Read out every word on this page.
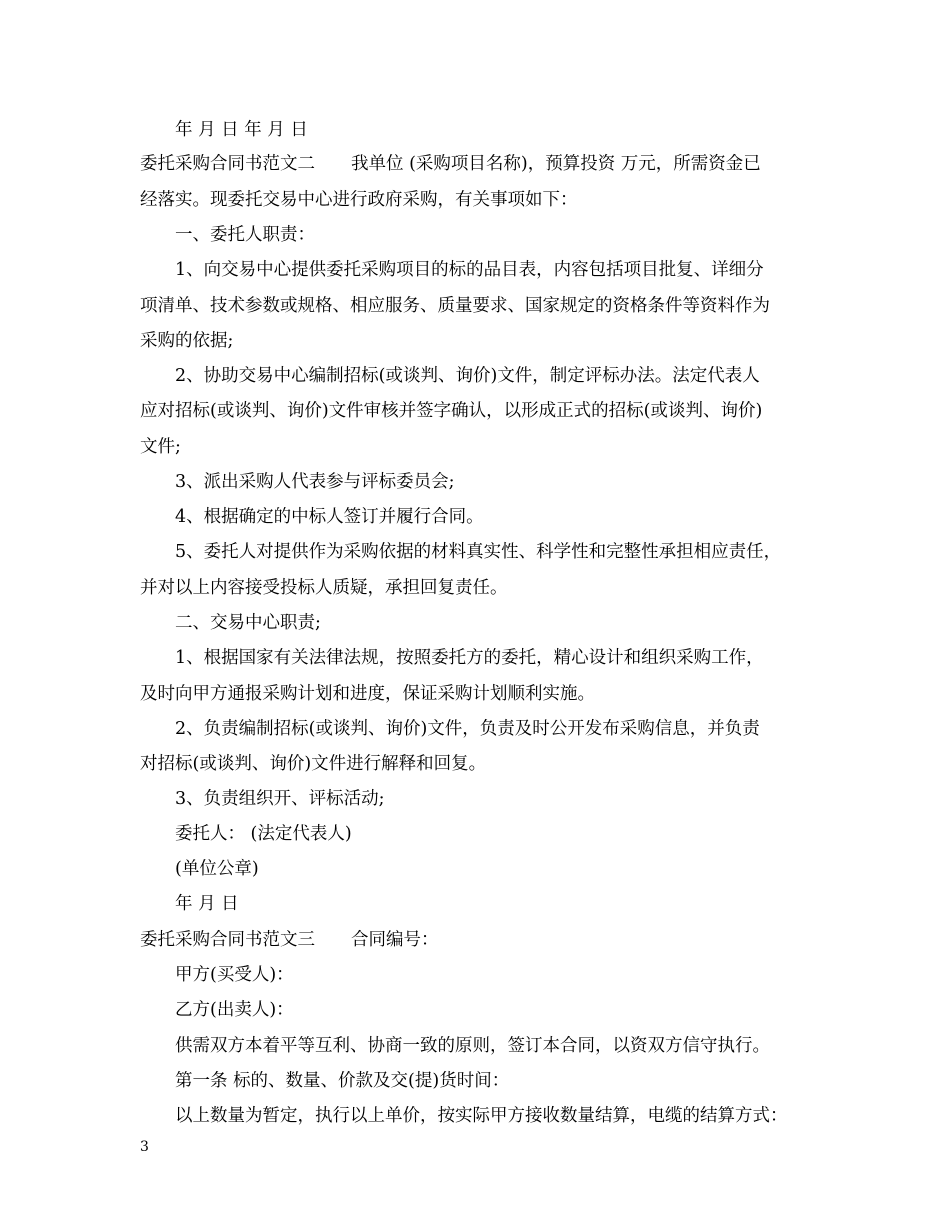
年 月 日 年 月 日
委托采购合同书范文二 我单位 (采购项目名称)，预算投资 万元，所需资金已
经落实。现委托交易中心进行政府采购，有关事项如下：
一、委托人职责：
1、向交易中心提供委托采购项目的标的品目表，内容包括项目批复、详细分
项清单、技术参数或规格、相应服务、质量要求、国家规定的资格条件等资料作为
采购的依据;
2、协助交易中心编制招标(或谈判、询价)文件，制定评标办法。法定代表人
应对招标(或谈判、询价)文件审核并签字确认，以形成正式的招标(或谈判、询价)
文件;
3、派出采购人代表参与评标委员会;
4、根据确定的中标人签订并履行合同。
5、委托人对提供作为采购依据的材料真实性、科学性和完整性承担相应责任，
并对以上内容接受投标人质疑，承担回复责任。
二、交易中心职责;
1、根据国家有关法律法规，按照委托方的委托，精心设计和组织采购工作，
及时向甲方通报采购计划和进度，保证采购计划顺利实施。
2、负责编制招标(或谈判、询价)文件，负责及时公开发布采购信息，并负责
对招标(或谈判、询价)文件进行解释和回复。
3、负责组织开、评标活动;
委托人： (法定代表人)
(单位公章)
年 月 日
委托采购合同书范文三 合同编号：
甲方(买受人)：
乙方(出卖人)：
供需双方本着平等互利、协商一致的原则，签订本合同，以资双方信守执行。
第一条 标的、数量、价款及交(提)货时间：
以上数量为暂定，执行以上单价，按实际甲方接收数量结算，电缆的结算方式：
3
